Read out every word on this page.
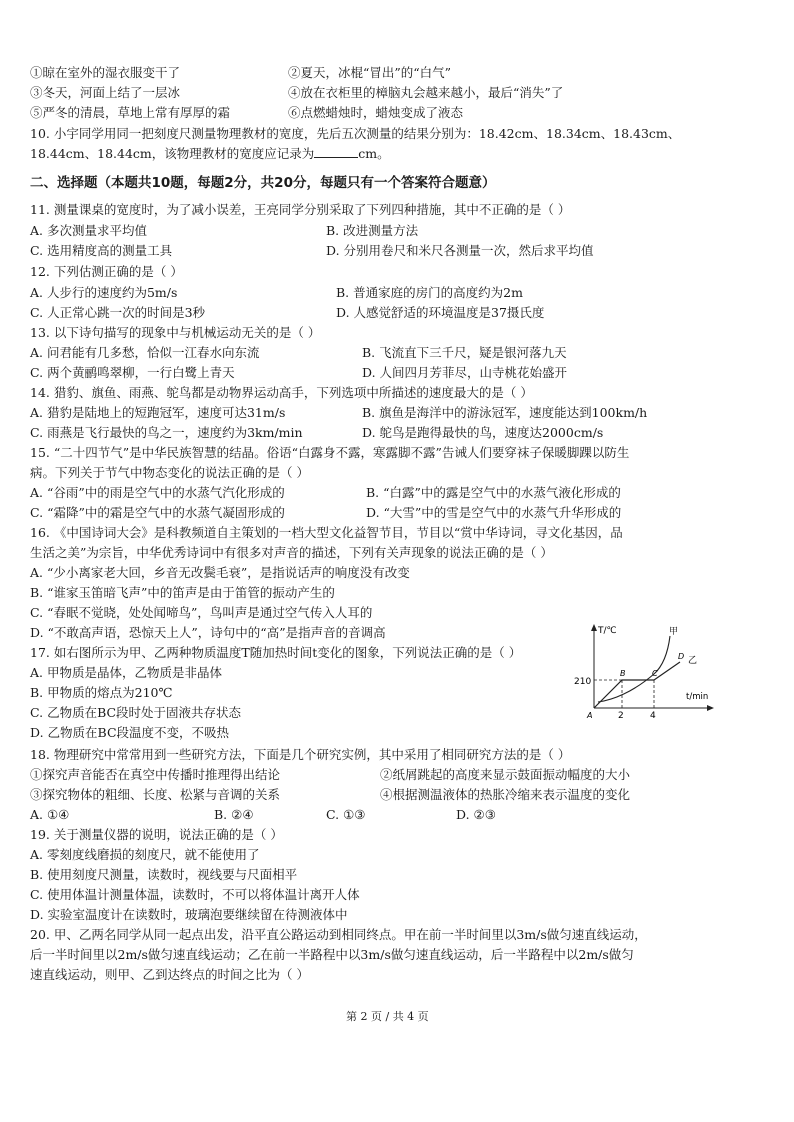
①晾在室外的湿衣服变干了	②夏天，冰棍“冒出”的“白气”
③冬天，河面上结了一层冰	④放在衣柜里的樟脑丸会越来越小，最后“消失”了
⑤严冬的清晨，草地上常有厚厚的霜	⑥点燃蜡烛时，蜡烛变成了液态
10. 小宇同学用同一把刻度尺测量物理教材的宽度，先后五次测量的结果分别为：18.42cm、18.34cm、18.43cm、
18.44cm、18.44cm，该物理教材的宽度应记录为	cm。
二、选择题（本题共10题，每题2分，共20分，每题只有一个答案符合题意）
11. 测量课桌的宽度时，为了减小误差，王亮同学分别采取了下列四种措施，其中不正确的是（ ）
A. 多次测量求平均值	B. 改进测量方法
C. 选用精度高的测量工具	D. 分别用卷尺和米尺各测量一次，然后求平均值
12. 下列估测正确的是（ ）
A. 人步行的速度约为5m/s	B. 普通家庭的房门的高度约为2m
C. 人正常心跳一次的时间是3秒	D. 人感觉舒适的环境温度是37摄氏度
13. 以下诗句描写的现象中与机械运动无关的是（ ）
A. 问君能有几多愁，恰似一江春水向东流	B. 飞流直下三千尺，疑是银河落九天
C. 两个黄鹂鸣翠柳，一行白鹭上青天	D. 人间四月芳菲尽，山寺桃花始盛开
14. 猎豹、旗鱼、雨燕、鸵鸟都是动物界运动高手，下列选项中所描述的速度最大的是（ ）
A. 猎豹是陆地上的短跑冠军，速度可达31m/s	B. 旗鱼是海洋中的游泳冠军，速度能达到100km/h
C. 雨燕是飞行最快的鸟之一，速度约为3km/min	D. 鸵鸟是跑得最快的鸟，速度达2000cm/s
15. “二十四节气”是中华民族智慧的结晶。俗语“白露身不露，寒露脚不露”告诫人们要穿袜子保暖脚踝以防生
病。下列关于节气中物态变化的说法正确的是（ ）
A. “谷雨”中的雨是空气中的水蒸气汽化形成的	B. “白露”中的露是空气中的水蒸气液化形成的
C. “霜降”中的霜是空气中的水蒸气凝固形成的	D. “大雪”中的雪是空气中的水蒸气升华形成的
16. 《中国诗词大会》是科教频道自主策划的一档大型文化益智节目，节目以“赏中华诗词，寻文化基因，品
生活之美”为宗旨，中华优秀诗词中有很多对声音的描述，下列有关声现象的说法正确的是（ ）
A. “少小离家老大回，乡音无改鬓毛衰”，是指说话声的响度没有改变
B. “谁家玉笛暗飞声”中的笛声是由于笛管的振动产生的
C. “春眠不觉晓，处处闻啼鸟”，鸟叫声是通过空气传入人耳的
D. “不敢高声语，恐惊天上人”，诗句中的“高”是指声音的音调高
17. 如右图所示为甲、乙两种物质温度T随加热时间t变化的图象，下列说法正确的是（ ）
A. 甲物质是晶体，乙物质是非晶体
B. 甲物质的熔点为210℃
C. 乙物质在BC段时处于固液共存状态
D. 乙物质在BC段温度不变，不吸热
T/℃
t/min
210
2	4
A
甲
乙
B	C
D
18. 物理研究中常常用到一些研究方法，下面是几个研究实例，其中采用了相同研究方法的是（ ）
①探究声音能否在真空中传播时推理得出结论	②纸屑跳起的高度来显示鼓面振动幅度的大小
③探究物体的粗细、长度、松紧与音调的关系	④根据测温液体的热胀冷缩来表示温度的变化
A. ①④	B. ②④	C. ①③	D. ②③
19. 关于测量仪器的说明，说法正确的是（ ）
A. 零刻度线磨损的刻度尺，就不能使用了
B. 使用刻度尺测量，读数时，视线要与尺面相平
C. 使用体温计测量体温，读数时，不可以将体温计离开人体
D. 实验室温度计在读数时，玻璃泡要继续留在待测液体中
20. 甲、乙两名同学从同一起点出发，沿平直公路运动到相同终点。甲在前一半时间里以3m/s做匀速直线运动，
后一半时间里以2m/s做匀速直线运动；乙在前一半路程中以3m/s做匀速直线运动，后一半路程中以2m/s做匀
速直线运动，则甲、乙到达终点的时间之比为（ ）
第 2 页 / 共 4 页
